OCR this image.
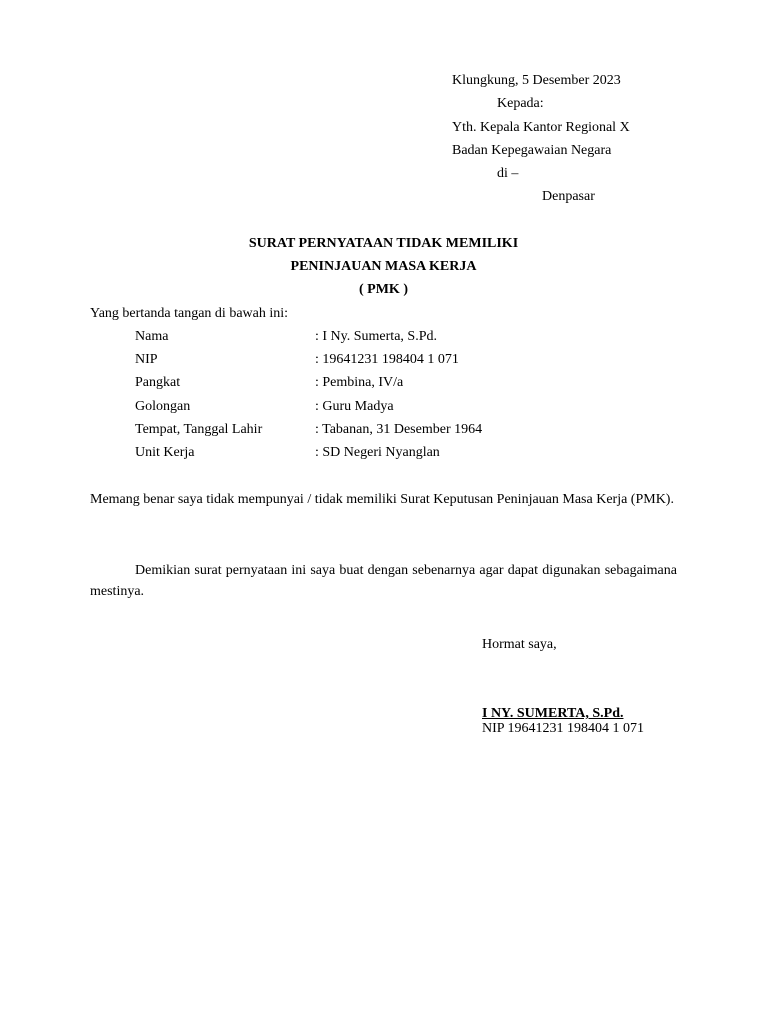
Klungkung, 5 Desember 2023
Kepada:
Yth. Kepala Kantor Regional X
Badan Kepegawaian Negara
di –
Denpasar
SURAT PERNYATAAN TIDAK MEMILIKI
PENINJAUAN MASA KERJA
( PMK )
Yang bertanda tangan di bawah ini:
Nama	: I Ny. Sumerta, S.Pd.
NIP	: 19641231 198404 1 071
Pangkat	: Pembina, IV/a
Golongan	: Guru Madya
Tempat, Tanggal Lahir	: Tabanan, 31 Desember 1964
Unit Kerja	: SD Negeri Nyanglan
Memang benar saya tidak mempunyai / tidak memiliki Surat Keputusan Peninjauan Masa Kerja (PMK).
Demikian surat pernyataan ini saya buat dengan sebenarnya agar dapat digunakan sebagaimana mestinya.
Hormat saya,
I NY. SUMERTA, S.Pd.
NIP 19641231 198404 1 071
